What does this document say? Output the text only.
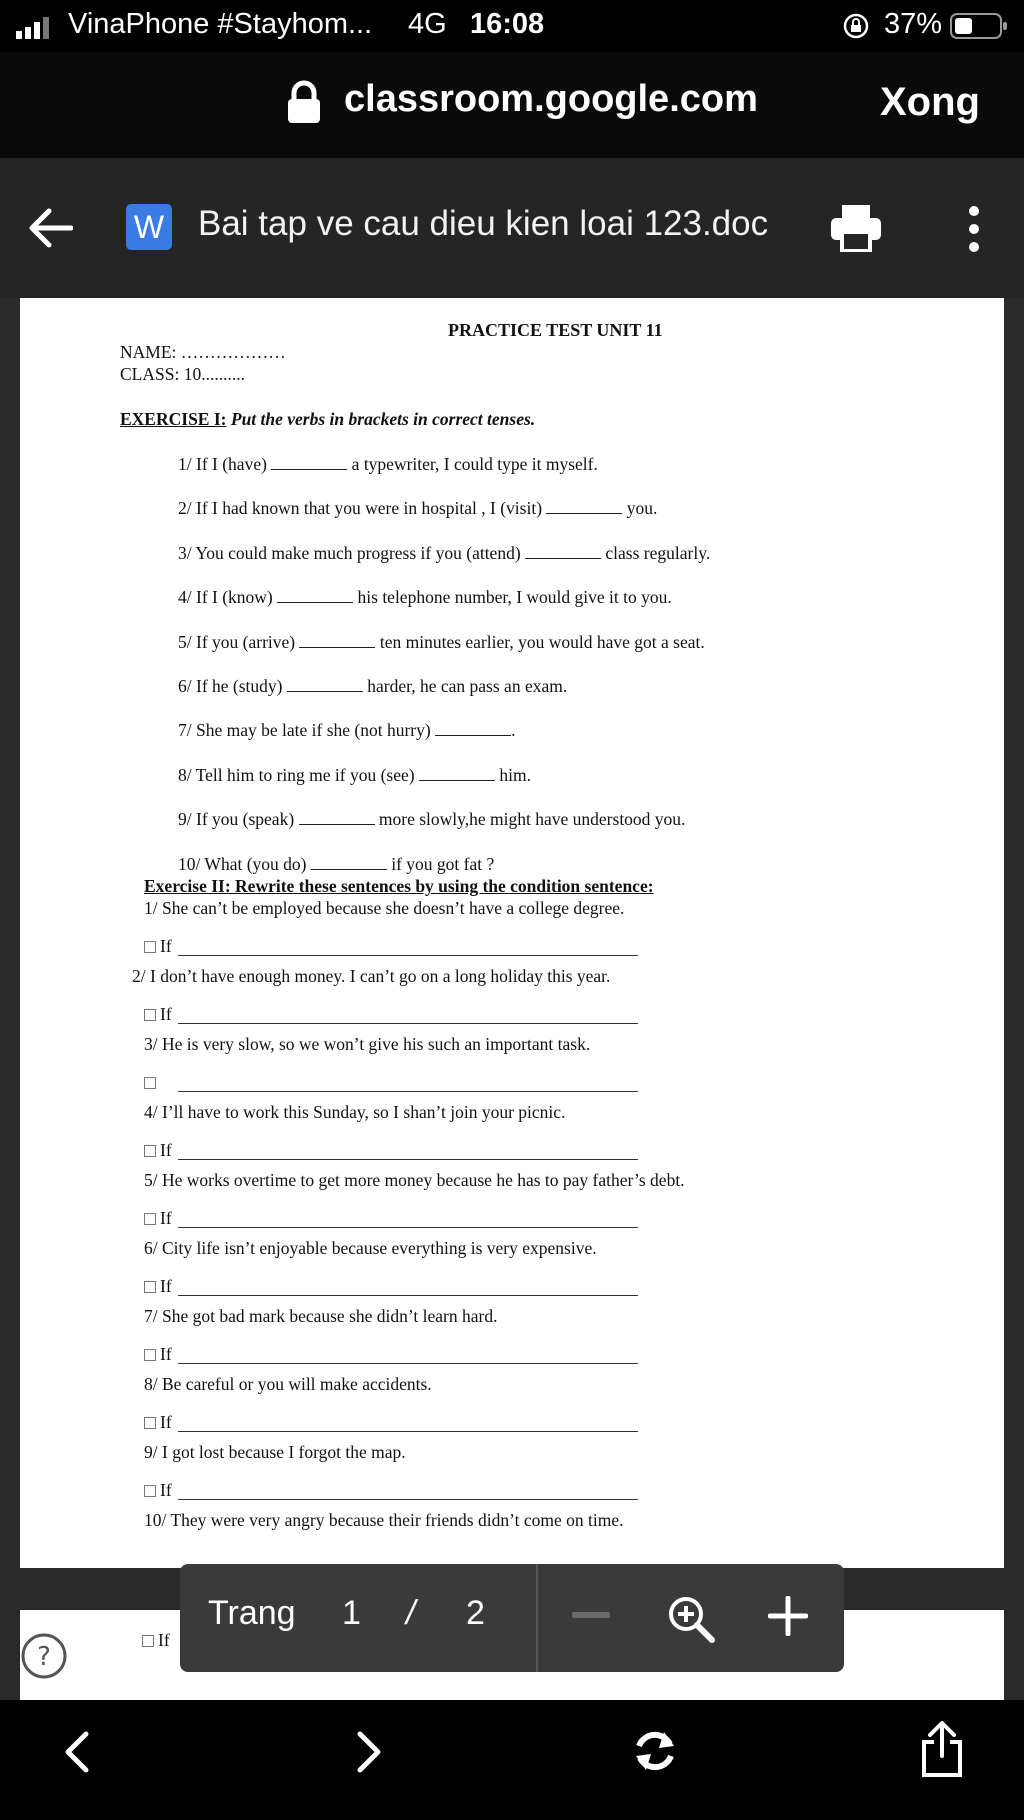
VinaPhone #Stayhom... 4G 16:08	37%
classroom.google.com	Xong
W Bai tap ve cau dieu kien loai 123.doc
PRACTICE TEST UNIT 11
NAME: ………………
CLASS: 10..........
EXERCISE I: Put the verbs in brackets in correct tenses.
1/ If I (have)	a typewriter, I could type it myself.
2/ If I had known that you were in hospital , I (visit)	you.
3/ You could make much progress if you (attend)	class regularly.
4/ If I (know)	his telephone number, I would give it to you.
5/ If you (arrive)	ten minutes earlier, you would have got a seat.
6/ If he (study)	harder, he can pass an exam.
7/ She may be late if she (not hurry)	.
8/ Tell him to ring me if you (see)	him.
9/ If you (speak)	more slowly,he might have understood you.
10/ What (you do)	if you got fat ?
Exercise II: Rewrite these sentences by using the condition sentence:
1/ She can’t be employed because she doesn’t have a college degree.
If
2/ I don’t have enough money. I can’t go on a long holiday this year.
If
3/ He is very slow, so we won’t give his such an important task.
4/ I’ll have to work this Sunday, so I shan’t join your picnic.
If
5/ He works overtime to get more money because he has to pay father’s debt.
If
6/ City life isn’t enjoyable because everything is very expensive.
If
7/ She got bad mark because she didn’t learn hard.
If
8/ Be careful or you will make accidents.
If
9/ I got lost because I forgot the map.
If
10/ They were very angry because their friends didn’t come on time.
If
?
Trang 1 / 2
